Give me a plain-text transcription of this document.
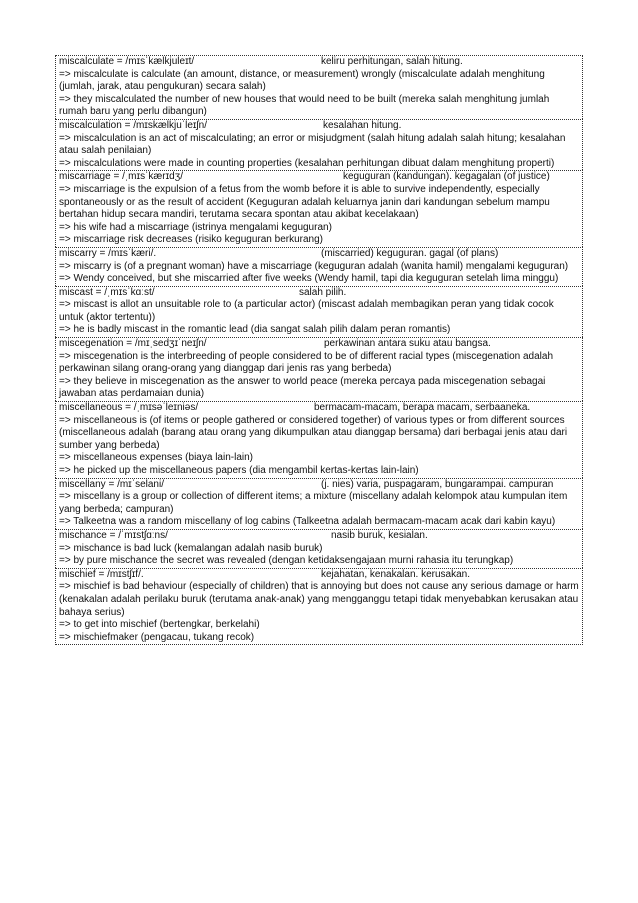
miscalculate = /mɪsˈkælkjuleɪt/	keliru perhitungan, salah hitung.
=> miscalculate is calculate (an amount, distance, or measurement) wrongly (miscalculate adalah menghitung (jumlah, jarak, atau pengukuran) secara salah)
=> they miscalculated the number of new houses that would need to be built (mereka salah menghitung jumlah rumah baru yang perlu dibangun)
miscalculation = /mɪskælkjuˈleɪʃn/	kesalahan hitung.
=> miscalculation is an act of miscalculating; an error or misjudgment (salah hitung adalah salah hitung; kesalahan atau salah penilaian)
=> miscalculations were made in counting properties (kesalahan perhitungan dibuat dalam menghitung properti)
miscarriage = /ˌmɪsˈkærɪdʒ/	keguguran (kandungan). kegagalan (of justice)
=> miscarriage is the expulsion of a fetus from the womb before it is able to survive independently, especially spontaneously or as the result of accident (Keguguran adalah keluarnya janin dari kandungan sebelum mampu bertahan hidup secara mandiri, terutama secara spontan atau akibat kecelakaan)
=> his wife had a miscarriage (istrinya mengalami keguguran)
=> miscarriage risk decreases (risiko keguguran berkurang)
miscarry = /mɪsˈkæri/.	(miscarried) keguguran. gagal (of plans)
=> miscarry is (of a pregnant woman) have a miscarriage (keguguran adalah (wanita hamil) mengalami keguguran)
=> Wendy conceived, but she miscarried after five weeks (Wendy hamil, tapi dia keguguran setelah lima minggu)
miscast = /ˌmɪsˈkɑːst/	salah pilih.
=> miscast is allot an unsuitable role to (a particular actor) (miscast adalah membagikan peran yang tidak cocok untuk (aktor tertentu))
=> he is badly miscast in the romantic lead (dia sangat salah pilih dalam peran romantis)
miscegenation = /mɪˌsedʒɪˈneɪʃn/	perkawinan antara suku atau bangsa.
=> miscegenation is the interbreeding of people considered to be of different racial types (miscegenation adalah perkawinan silang orang-orang yang dianggap dari jenis ras yang berbeda)
=> they believe in miscegenation as the answer to world peace (mereka percaya pada miscegenation sebagai jawaban atas perdamaian dunia)
miscellaneous = /ˌmɪsəˈleɪniəs/	bermacam-macam, berapa macam, serbaaneka.
=> miscellaneous is (of items or people gathered or considered together) of various types or from different sources (miscellaneous adalah (barang atau orang yang dikumpulkan atau dianggap bersama) dari berbagai jenis atau dari sumber yang berbeda)
=> miscellaneous expenses (biaya lain-lain)
=> he picked up the miscellaneous papers (dia mengambil kertas-kertas lain-lain)
miscellany = /mɪˈselani/	(j. nies) varia, puspagaram, bungarampai. campuran
=> miscellany is a group or collection of different items; a mixture (miscellany adalah kelompok atau kumpulan item yang berbeda; campuran)
=> Talkeetna was a random miscellany of log cabins (Talkeetna adalah bermacam-macam acak dari kabin kayu)
mischance = /ˈmɪstʃɑːns/	nasib buruk, kesialan.
=> mischance is bad luck (kemalangan adalah nasib buruk)
=> by pure mischance the secret was revealed (dengan ketidaksengajaan murni rahasia itu terungkap)
mischief = /mɪstʃɪf/.	kejahatan, kenakalan. kerusakan.
=> mischief is bad behaviour (especially of children) that is annoying but does not cause any serious damage or harm (kenakalan adalah perilaku buruk (terutama anak-anak) yang mengganggu tetapi tidak menyebabkan kerusakan atau bahaya serius)
=> to get into mischief (bertengkar, berkelahi)
=> mischiefmaker (pengacau, tukang recok)
